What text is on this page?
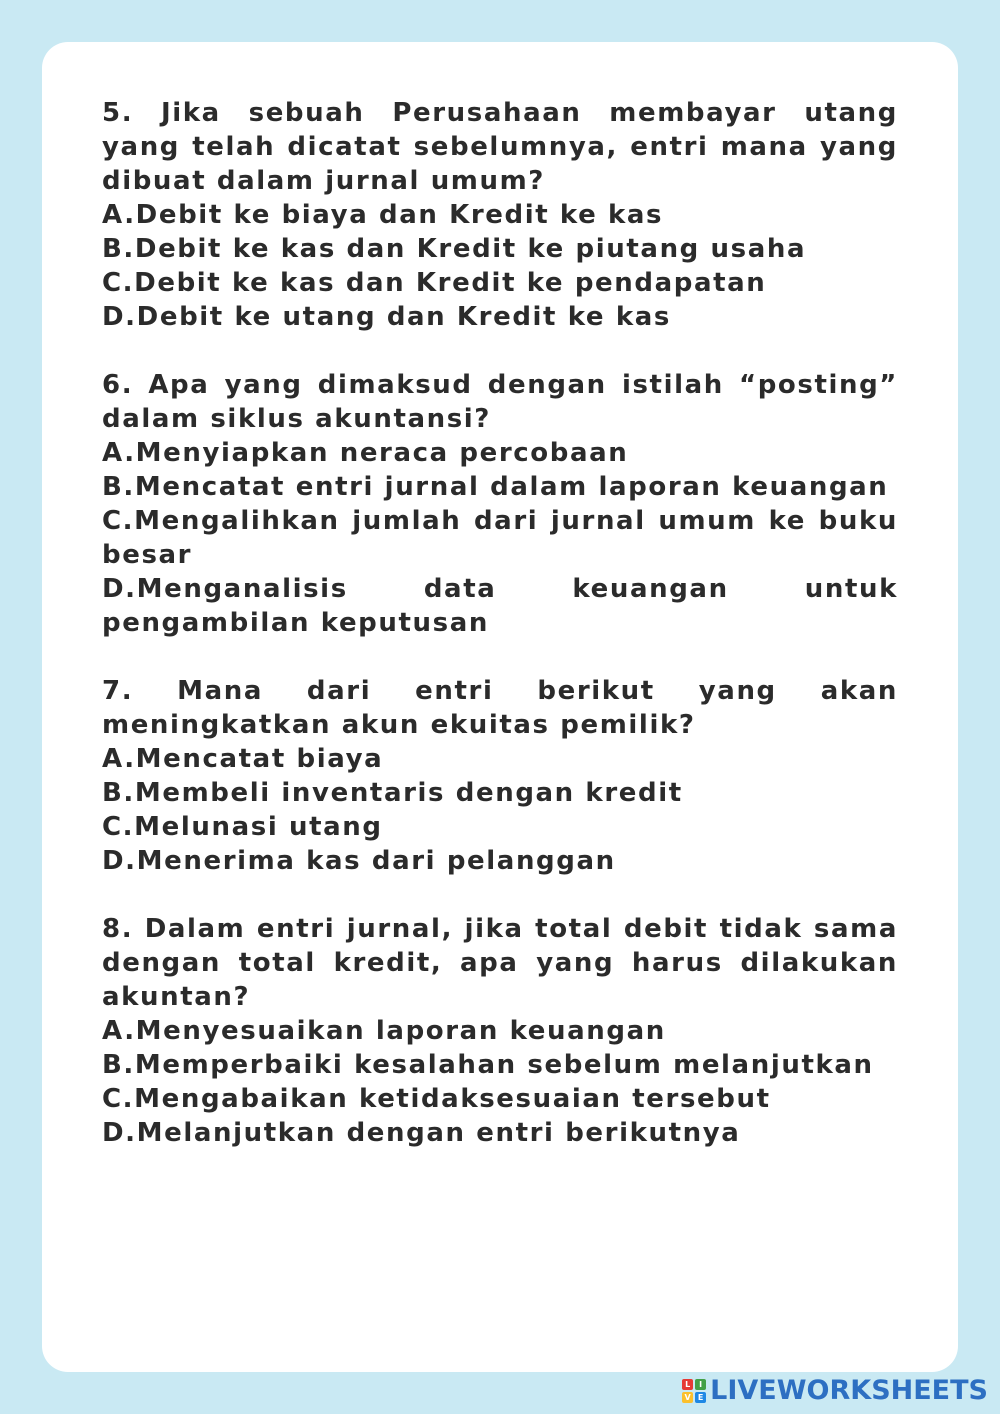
5. Jika sebuah Perusahaan membayar utang yang telah dicatat sebelumnya, entri mana yang dibuat dalam jurnal umum?
A.Debit ke biaya dan Kredit ke kas
B.Debit ke kas dan Kredit ke piutang usaha
C.Debit ke kas dan Kredit ke pendapatan
D.Debit ke utang dan Kredit ke kas
6. Apa yang dimaksud dengan istilah “posting” dalam siklus akuntansi?
A.Menyiapkan neraca percobaan
B.Mencatat entri jurnal dalam laporan keuangan
C.Mengalihkan jumlah dari jurnal umum ke buku besar
D.Menganalisis data keuangan untuk pengambilan keputusan
7. Mana dari entri berikut yang akan meningkatkan akun ekuitas pemilik?
A.Mencatat biaya
B.Membeli inventaris dengan kredit
C.Melunasi utang
D.Menerima kas dari pelanggan
8. Dalam entri jurnal, jika total debit tidak sama dengan total kredit, apa yang harus dilakukan akuntan?
A.Menyesuaikan laporan keuangan
B.Memperbaiki kesalahan sebelum melanjutkan
C.Mengabaikan ketidaksesuaian tersebut
D.Melanjutkan dengan entri berikutnya
L	I
V E LIVEWORKSHEETS
